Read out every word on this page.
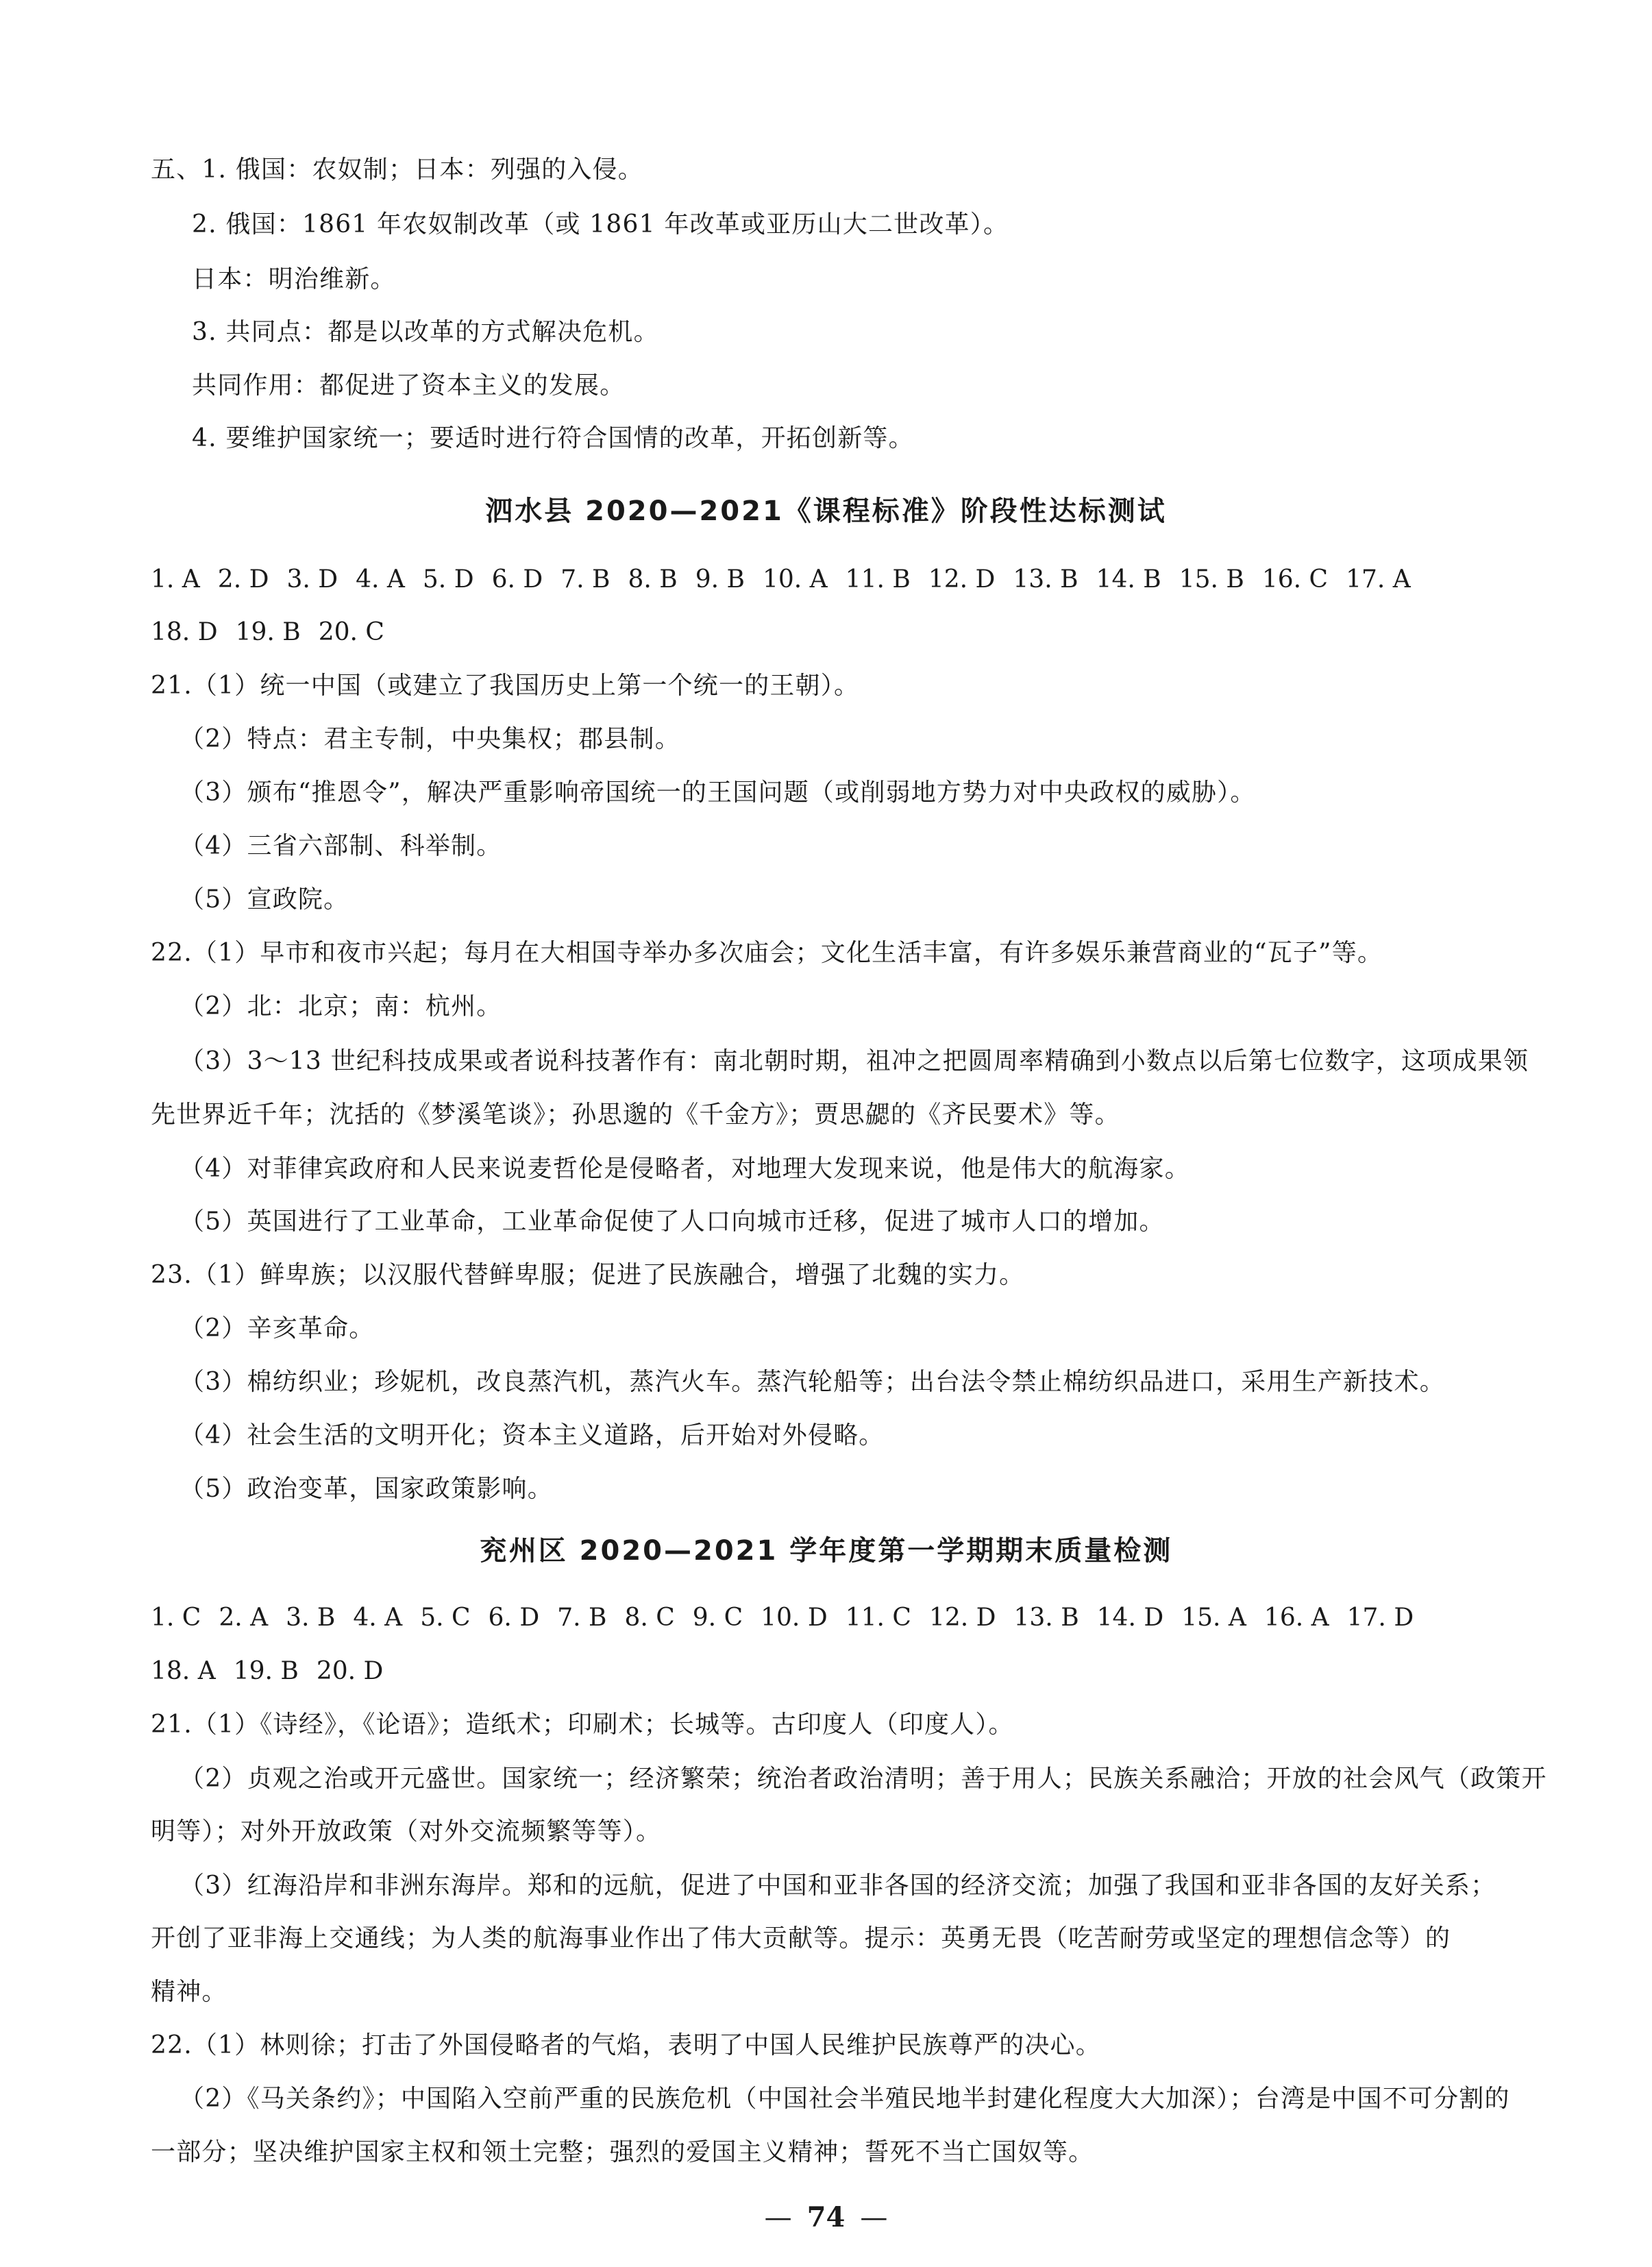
五、1. 俄国：农奴制；日本：列强的入侵。
2. 俄国：1861 年农奴制改革（或 1861 年改革或亚历山大二世改革）。
日本：明治维新。
3. 共同点：都是以改革的方式解决危机。
共同作用：都促进了资本主义的发展。
4. 要维护国家统一；要适时进行符合国情的改革，开拓创新等。
泗水县 2020—2021《课程标准》阶段性达标测试
1. A 2. D 3. D 4. A 5. D 6. D 7. B 8. B 9. B 10. A 11. B 12. D 13. B 14. B 15. B 16. C 17. A
18. D 19. B 20. C
21.（1）统一中国（或建立了我国历史上第一个统一的王朝）。
（2）特点：君主专制，中央集权；郡县制。
（3）颁布“推恩令”，解决严重影响帝国统一的王国问题（或削弱地方势力对中央政权的威胁）。
（4）三省六部制、科举制。
（5）宣政院。
22.（1）早市和夜市兴起；每月在大相国寺举办多次庙会；文化生活丰富，有许多娱乐兼营商业的“瓦子”等。
（2）北：北京；南：杭州。
（3）3～13 世纪科技成果或者说科技著作有：南北朝时期，祖冲之把圆周率精确到小数点以后第七位数字，这项成果领
先世界近千年；沈括的《梦溪笔谈》；孙思邈的《千金方》；贾思勰的《齐民要术》等。
（4）对菲律宾政府和人民来说麦哲伦是侵略者，对地理大发现来说，他是伟大的航海家。
（5）英国进行了工业革命，工业革命促使了人口向城市迁移，促进了城市人口的增加。
23.（1）鲜卑族；以汉服代替鲜卑服；促进了民族融合，增强了北魏的实力。
（2）辛亥革命。
（3）棉纺织业；珍妮机，改良蒸汽机，蒸汽火车。蒸汽轮船等；出台法令禁止棉纺织品进口，采用生产新技术。
（4）社会生活的文明开化；资本主义道路，后开始对外侵略。
（5）政治变革，国家政策影响。
兖州区 2020—2021 学年度第一学期期末质量检测
1. C 2. A 3. B 4. A 5. C 6. D 7. B 8. C 9. C 10. D 11. C 12. D 13. B 14. D 15. A 16. A 17. D
18. A 19. B 20. D
21.（1）《诗经》，《论语》；造纸术；印刷术；长城等。古印度人（印度人）。
（2）贞观之治或开元盛世。国家统一；经济繁荣；统治者政治清明；善于用人；民族关系融洽；开放的社会风气（政策开
明等）；对外开放政策（对外交流频繁等等）。
（3）红海沿岸和非洲东海岸。郑和的远航，促进了中国和亚非各国的经济交流；加强了我国和亚非各国的友好关系；
开创了亚非海上交通线；为人类的航海事业作出了伟大贡献等。提示：英勇无畏（吃苦耐劳或坚定的理想信念等）的
精神。
22.（1）林则徐；打击了外国侵略者的气焰，表明了中国人民维护民族尊严的决心。
（2）《马关条约》；中国陷入空前严重的民族危机（中国社会半殖民地半封建化程度大大加深）；台湾是中国不可分割的
一部分；坚决维护国家主权和领土完整；强烈的爱国主义精神；誓死不当亡国奴等。
— 74 —
